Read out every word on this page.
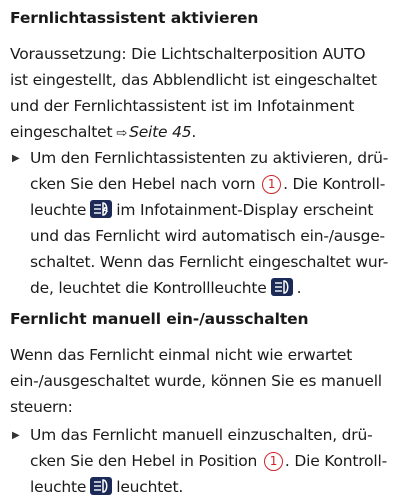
Fernlichtassistent aktivieren

Voraussetzung: Die Lichtschalterposition AUTO
ist eingestellt, das Abblendlicht ist eingeschaltet
und der Fernlichtassistent ist im Infotainment
eingeschaltet ⇨ Seite 45.

▶ Um den Fernlichtassistenten zu aktivieren, drü-
cken Sie den Hebel nach vorn 1 . Die Kontroll-
leuchte A im Infotainment-Display erscheint
und das Fernlicht wird automatisch ein-/ausge-
schaltet. Wenn das Fernlicht eingeschaltet wur-
de, leuchtet die Kontrollleuchte .

Fernlicht manuell ein-/ausschalten

Wenn das Fernlicht einmal nicht wie erwartet
ein-/ausgeschaltet wurde, können Sie es manuell
steuern:

▶ Um das Fernlicht manuell einzuschalten, drü-
cken Sie den Hebel in Position 1 . Die Kontroll-
leuchte leuchtet.
